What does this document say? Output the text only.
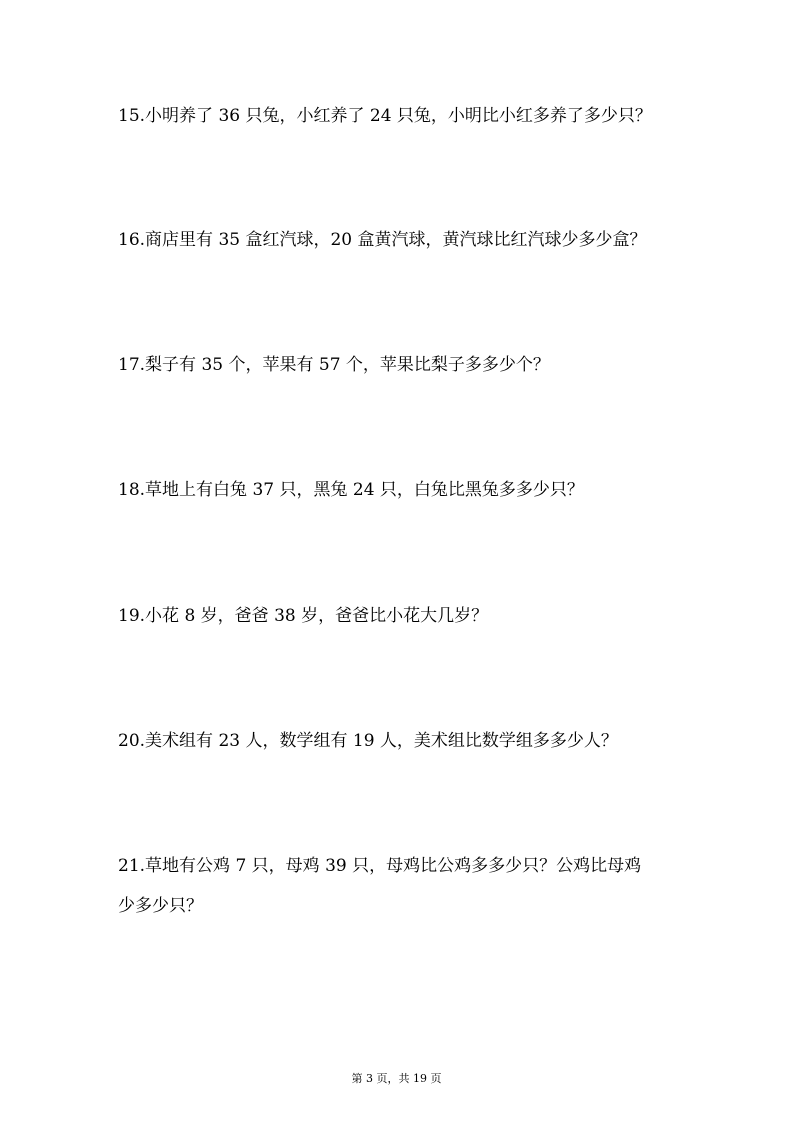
15.小明养了 36 只兔，小红养了 24 只兔，小明比小红多养了多少只？
16.商店里有 35 盒红汽球，20 盒黄汽球，黄汽球比红汽球少多少盒？
17.梨子有 35 个，苹果有 57 个，苹果比梨子多多少个？
18.草地上有白兔 37 只，黑兔 24 只，白兔比黑兔多多少只？
19.小花 8 岁，爸爸 38 岁，爸爸比小花大几岁？
20.美术组有 23 人，数学组有 19 人，美术组比数学组多多少人？
21.草地有公鸡 7 只，母鸡 39 只，母鸡比公鸡多多少只？公鸡比母鸡
少多少只？
第 3 页，共 19 页
